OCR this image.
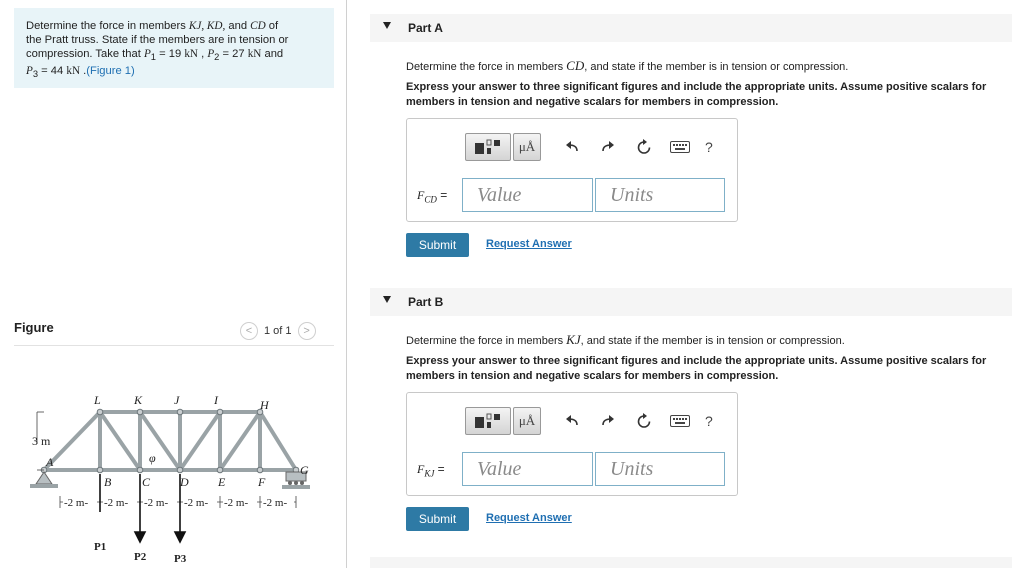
Determine the force in members KJ, KD, and CD of
the Pratt truss. State if the members are in tension or
compression. Take that $P_1 = 19$ kN , $P_2 = 27$ kN and
$P_3 = 44$ kN .(Figure 1)
Figure	<	1 of 1	>
3 m
L	K	J	I	H
A
G
B	C D E	F
φ
-2 m- -2 m- -2 m- -2 m- -2 m- -2 m-
P1
P2	P3
Part A
Determine the force in members CD, and state if the member is in tension or compression.
Express your answer to three significant figures and include the appropriate units. Assume positive scalars for members in tension and negative scalars for members in compression.
μÅ	?
$F_{CD}$ =	Value	Units
Submit	Request Answer
Part B
Determine the force in members KJ, and state if the member is in tension or compression.
Express your answer to three significant figures and include the appropriate units. Assume positive scalars for members in tension and negative scalars for members in compression.
μÅ	?
$F_{KJ}$ =	Value	Units
Submit	Request Answer
